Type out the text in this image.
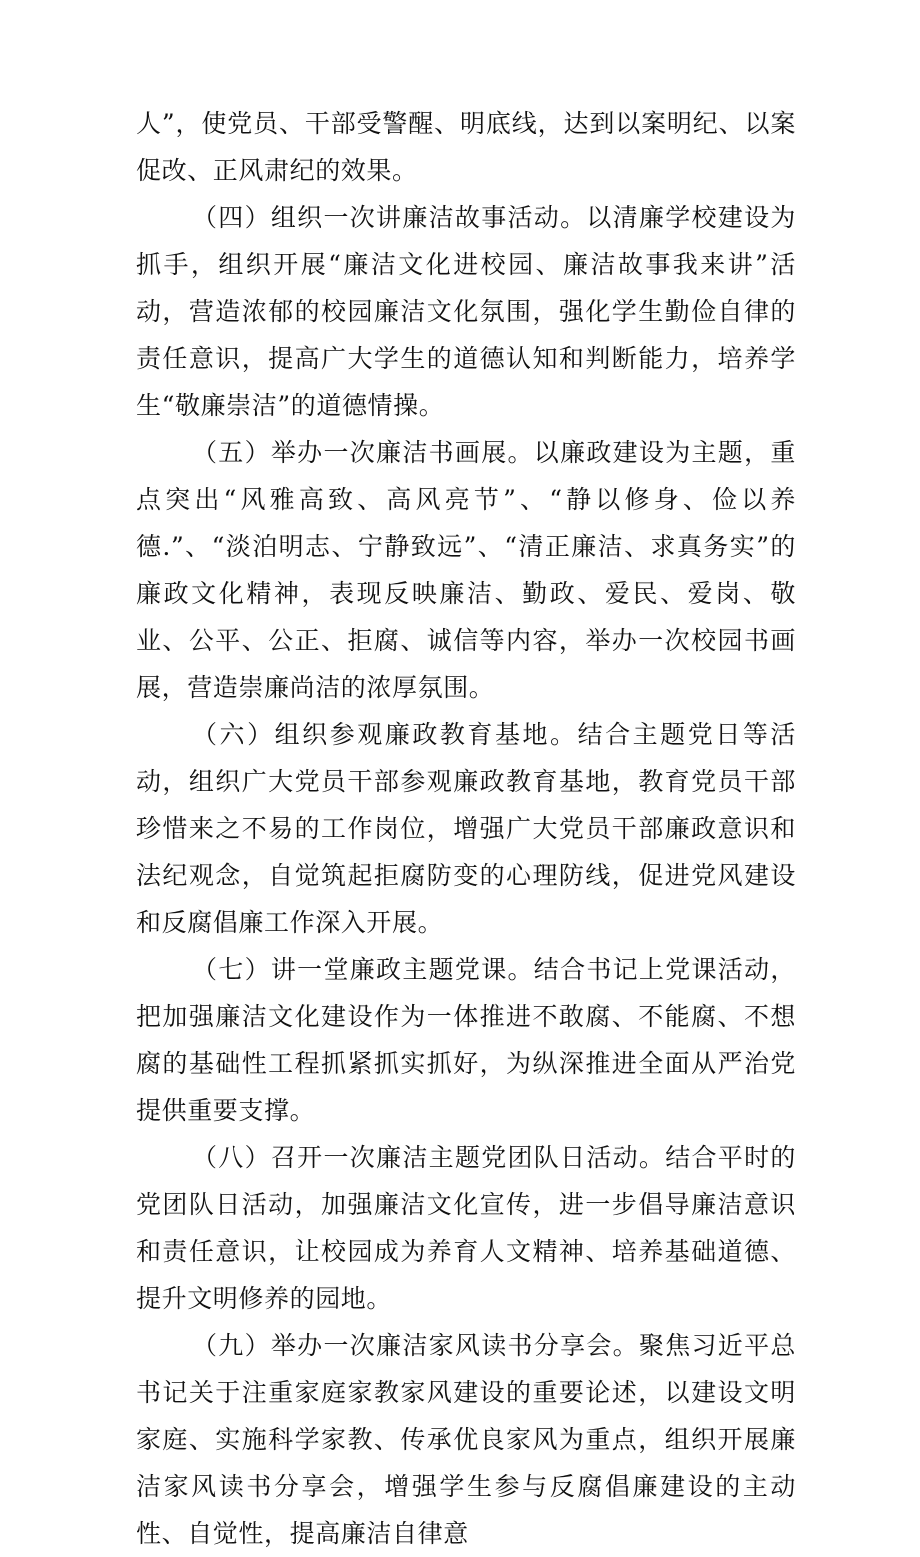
人”，使党员、干部受警醒、明底线，达到以案明纪、以案促改、正风肃纪的效果。

（四）组织一次讲廉洁故事活动。以清廉学校建设为抓手，组织开展“廉洁文化进校园、廉洁故事我来讲”活动，营造浓郁的校园廉洁文化氛围，强化学生勤俭自律的责任意识，提高广大学生的道德认知和判断能力，培养学生“敬廉崇洁”的道德情操。

（五）举办一次廉洁书画展。以廉政建设为主题，重点突出“风雅高致、高风亮节”、“静以修身、俭以养德.”、“淡泊明志、宁静致远”、“清正廉洁、求真务实”的廉政文化精神，表现反映廉洁、勤政、爱民、爱岗、敬业、公平、公正、拒腐、诚信等内容，举办一次校园书画展，营造崇廉尚洁的浓厚氛围。

（六）组织参观廉政教育基地。结合主题党日等活动，组织广大党员干部参观廉政教育基地，教育党员干部珍惜来之不易的工作岗位，增强广大党员干部廉政意识和法纪观念，自觉筑起拒腐防变的心理防线，促进党风建设和反腐倡廉工作深入开展。

（七）讲一堂廉政主题党课。结合书记上党课活动，把加强廉洁文化建设作为一体推进不敢腐、不能腐、不想腐的基础性工程抓紧抓实抓好，为纵深推进全面从严治党提供重要支撑。

（八）召开一次廉洁主题党团队日活动。结合平时的党团队日活动，加强廉洁文化宣传，进一步倡导廉洁意识和责任意识，让校园成为养育人文精神、培养基础道德、提升文明修养的园地。

（九）举办一次廉洁家风读书分享会。聚焦习近平总书记关于注重家庭家教家风建设的重要论述，以建设文明家庭、实施科学家教、传承优良家风为重点，组织开展廉洁家风读书分享会，增强学生参与反腐倡廉建设的主动性、自觉性，提高廉洁自律意
